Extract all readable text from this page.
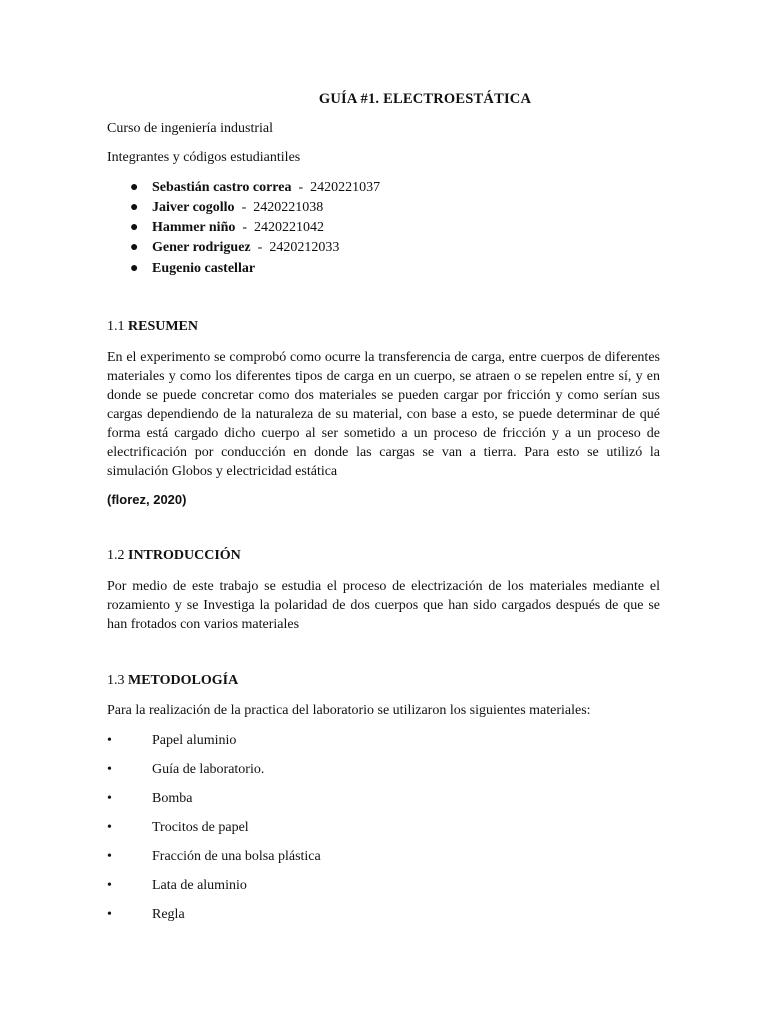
GUÍA #1. ELECTROESTÁTICA
Curso de ingeniería industrial
Integrantes y códigos estudiantiles
● Sebastián castro correa  -  2420221037
● Jaiver cogollo  -  2420221038
● Hammer niño  -  2420221042
● Gener rodriguez  -  2420212033
● Eugenio castellar
1.1 RESUMEN
En el experimento se comprobó como ocurre la transferencia de carga, entre cuerpos de diferentes materiales y como los diferentes tipos de carga en un cuerpo, se atraen o se repelen entre sí, y en donde se puede concretar como dos materiales se pueden cargar por fricción y como serían sus cargas dependiendo de la naturaleza de su material, con base a esto, se puede determinar de qué forma está cargado dicho cuerpo al ser sometido a un proceso de fricción y a un proceso de electrificación por conducción en donde las cargas se van a tierra. Para esto se utilizó la simulación Globos y electricidad estática
(florez, 2020)
1.2 INTRODUCCIÓN
Por medio de este trabajo se estudia el proceso de electrización de los materiales mediante el rozamiento y se Investiga la polaridad de dos cuerpos que han sido cargados después de que se han frotados con varios materiales
1.3 METODOLOGÍA
Para la realización de la practica del laboratorio se utilizaron los siguientes materiales:
•	Papel aluminio
•	Guía de laboratorio.
•	Bomba
•	Trocitos de papel
•	Fracción de una bolsa plástica
•	Lata de aluminio
•	Regla
